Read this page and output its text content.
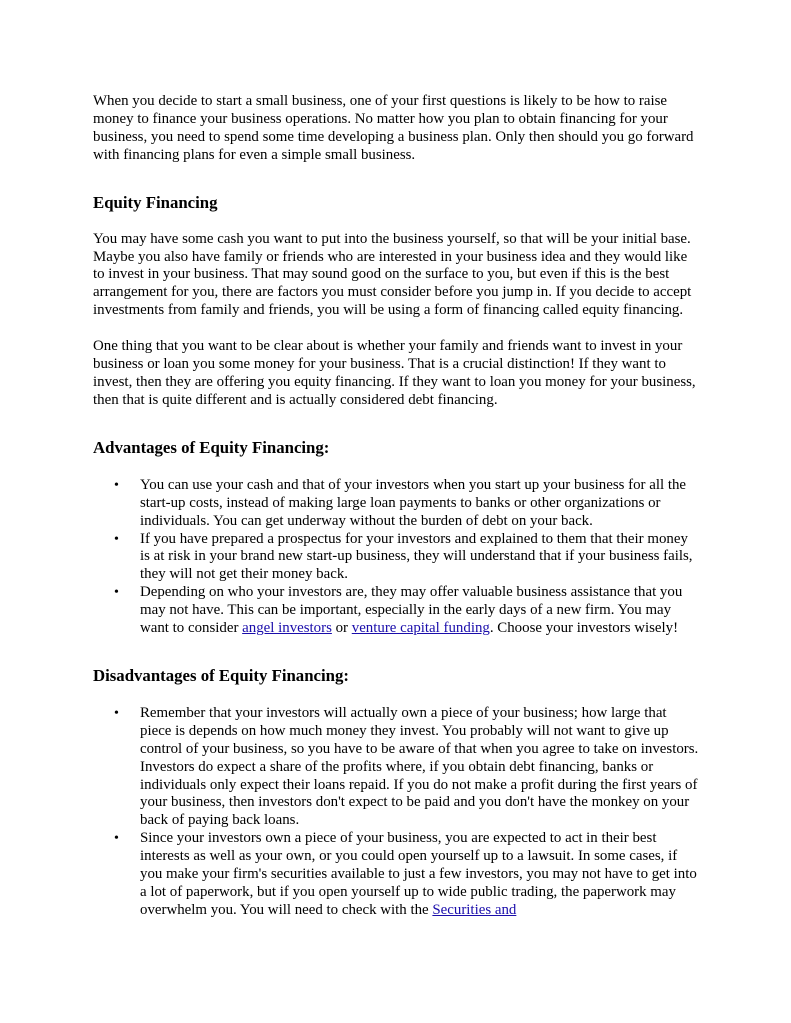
When you decide to start a small business, one of your first questions is likely to be how to raise money to finance your business operations. No matter how you plan to obtain financing for your business, you need to spend some time developing a business plan. Only then should you go forward with financing plans for even a simple small business.

Equity Financing

You may have some cash you want to put into the business yourself, so that will be your initial base. Maybe you also have family or friends who are interested in your business idea and they would like to invest in your business. That may sound good on the surface to you, but even if this is the best arrangement for you, there are factors you must consider before you jump in. If you decide to accept investments from family and friends, you will be using a form of financing called equity financing.

One thing that you want to be clear about is whether your family and friends want to invest in your business or loan you some money for your business. That is a crucial distinction! If they want to invest, then they are offering you equity financing. If they want to loan you money for your business, then that is quite different and is actually considered debt financing.

Advantages of Equity Financing:
• You can use your cash and that of your investors when you start up your business for all the start-up costs, instead of making large loan payments to banks or other organizations or individuals. You can get underway without the burden of debt on your back.
• If you have prepared a prospectus for your investors and explained to them that their money is at risk in your brand new start-up business, they will understand that if your business fails, they will not get their money back.
• Depending on who your investors are, they may offer valuable business assistance that you may not have. This can be important, especially in the early days of a new firm. You may want to consider angel investors or venture capital funding. Choose your investors wisely!
Disadvantages of Equity Financing:
• Remember that your investors will actually own a piece of your business; how large that piece is depends on how much money they invest. You probably will not want to give up control of your business, so you have to be aware of that when you agree to take on investors. Investors do expect a share of the profits where, if you obtain debt financing, banks or individuals only expect their loans repaid. If you do not make a profit during the first years of your business, then investors don't expect to be paid and you don't have the monkey on your back of paying back loans.
• Since your investors own a piece of your business, you are expected to act in their best interests as well as your own, or you could open yourself up to a lawsuit. In some cases, if you make your firm's securities available to just a few investors, you may not have to get into a lot of paperwork, but if you open yourself up to wide public trading, the paperwork may overwhelm you. You will need to check with the Securities and
